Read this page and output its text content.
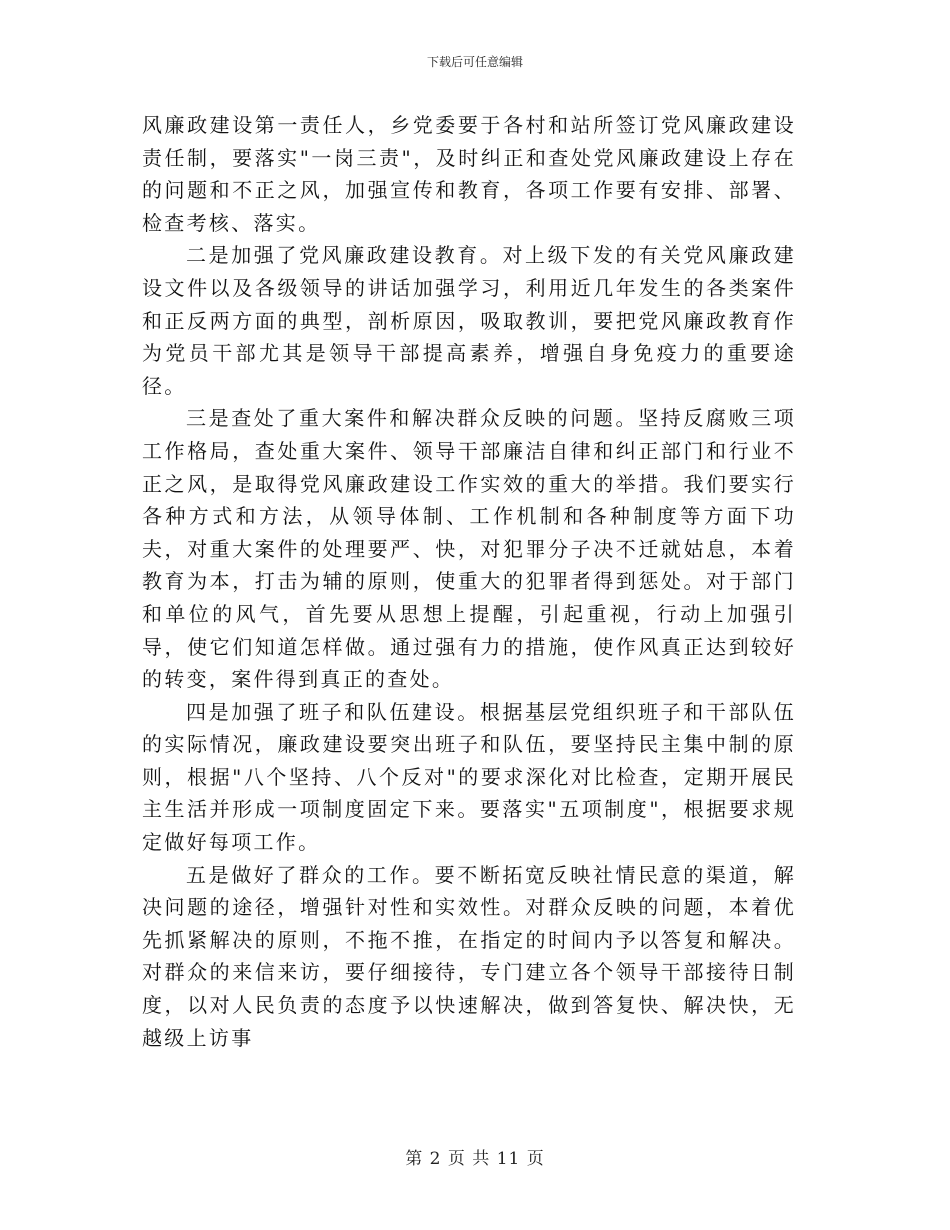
下载后可任意编辑

风廉政建设第一责任人，乡党委要于各村和站所签订党风廉政建设责任制，要落实"一岗三责"，及时纠正和查处党风廉政建设上存在的问题和不正之风，加强宣传和教育，各项工作要有安排、部署、检查考核、落实。

二是加强了党风廉政建设教育。对上级下发的有关党风廉政建设文件以及各级领导的讲话加强学习，利用近几年发生的各类案件和正反两方面的典型，剖析原因，吸取教训，要把党风廉政教育作为党员干部尤其是领导干部提高素养，增强自身免疫力的重要途径。

三是查处了重大案件和解决群众反映的问题。坚持反腐败三项工作格局，查处重大案件、领导干部廉洁自律和纠正部门和行业不正之风，是取得党风廉政建设工作实效的重大的举措。我们要实行各种方式和方法，从领导体制、工作机制和各种制度等方面下功夫，对重大案件的处理要严、快，对犯罪分子决不迁就姑息，本着教育为本，打击为辅的原则，使重大的犯罪者得到惩处。对于部门和单位的风气，首先要从思想上提醒，引起重视，行动上加强引导，使它们知道怎样做。通过强有力的措施，使作风真正达到较好的转变，案件得到真正的查处。

四是加强了班子和队伍建设。根据基层党组织班子和干部队伍的实际情况，廉政建设要突出班子和队伍，要坚持民主集中制的原则，根据"八个坚持、八个反对"的要求深化对比检查，定期开展民主生活并形成一项制度固定下来。要落实"五项制度"，根据要求规定做好每项工作。

五是做好了群众的工作。要不断拓宽反映社情民意的渠道，解决问题的途径，增强针对性和实效性。对群众反映的问题，本着优先抓紧解决的原则，不拖不推，在指定的时间内予以答复和解决。对群众的来信来访，要仔细接待，专门建立各个领导干部接待日制度，以对人民负责的态度予以快速解决，做到答复快、解决快，无越级上访事

第 2 页 共 11 页
